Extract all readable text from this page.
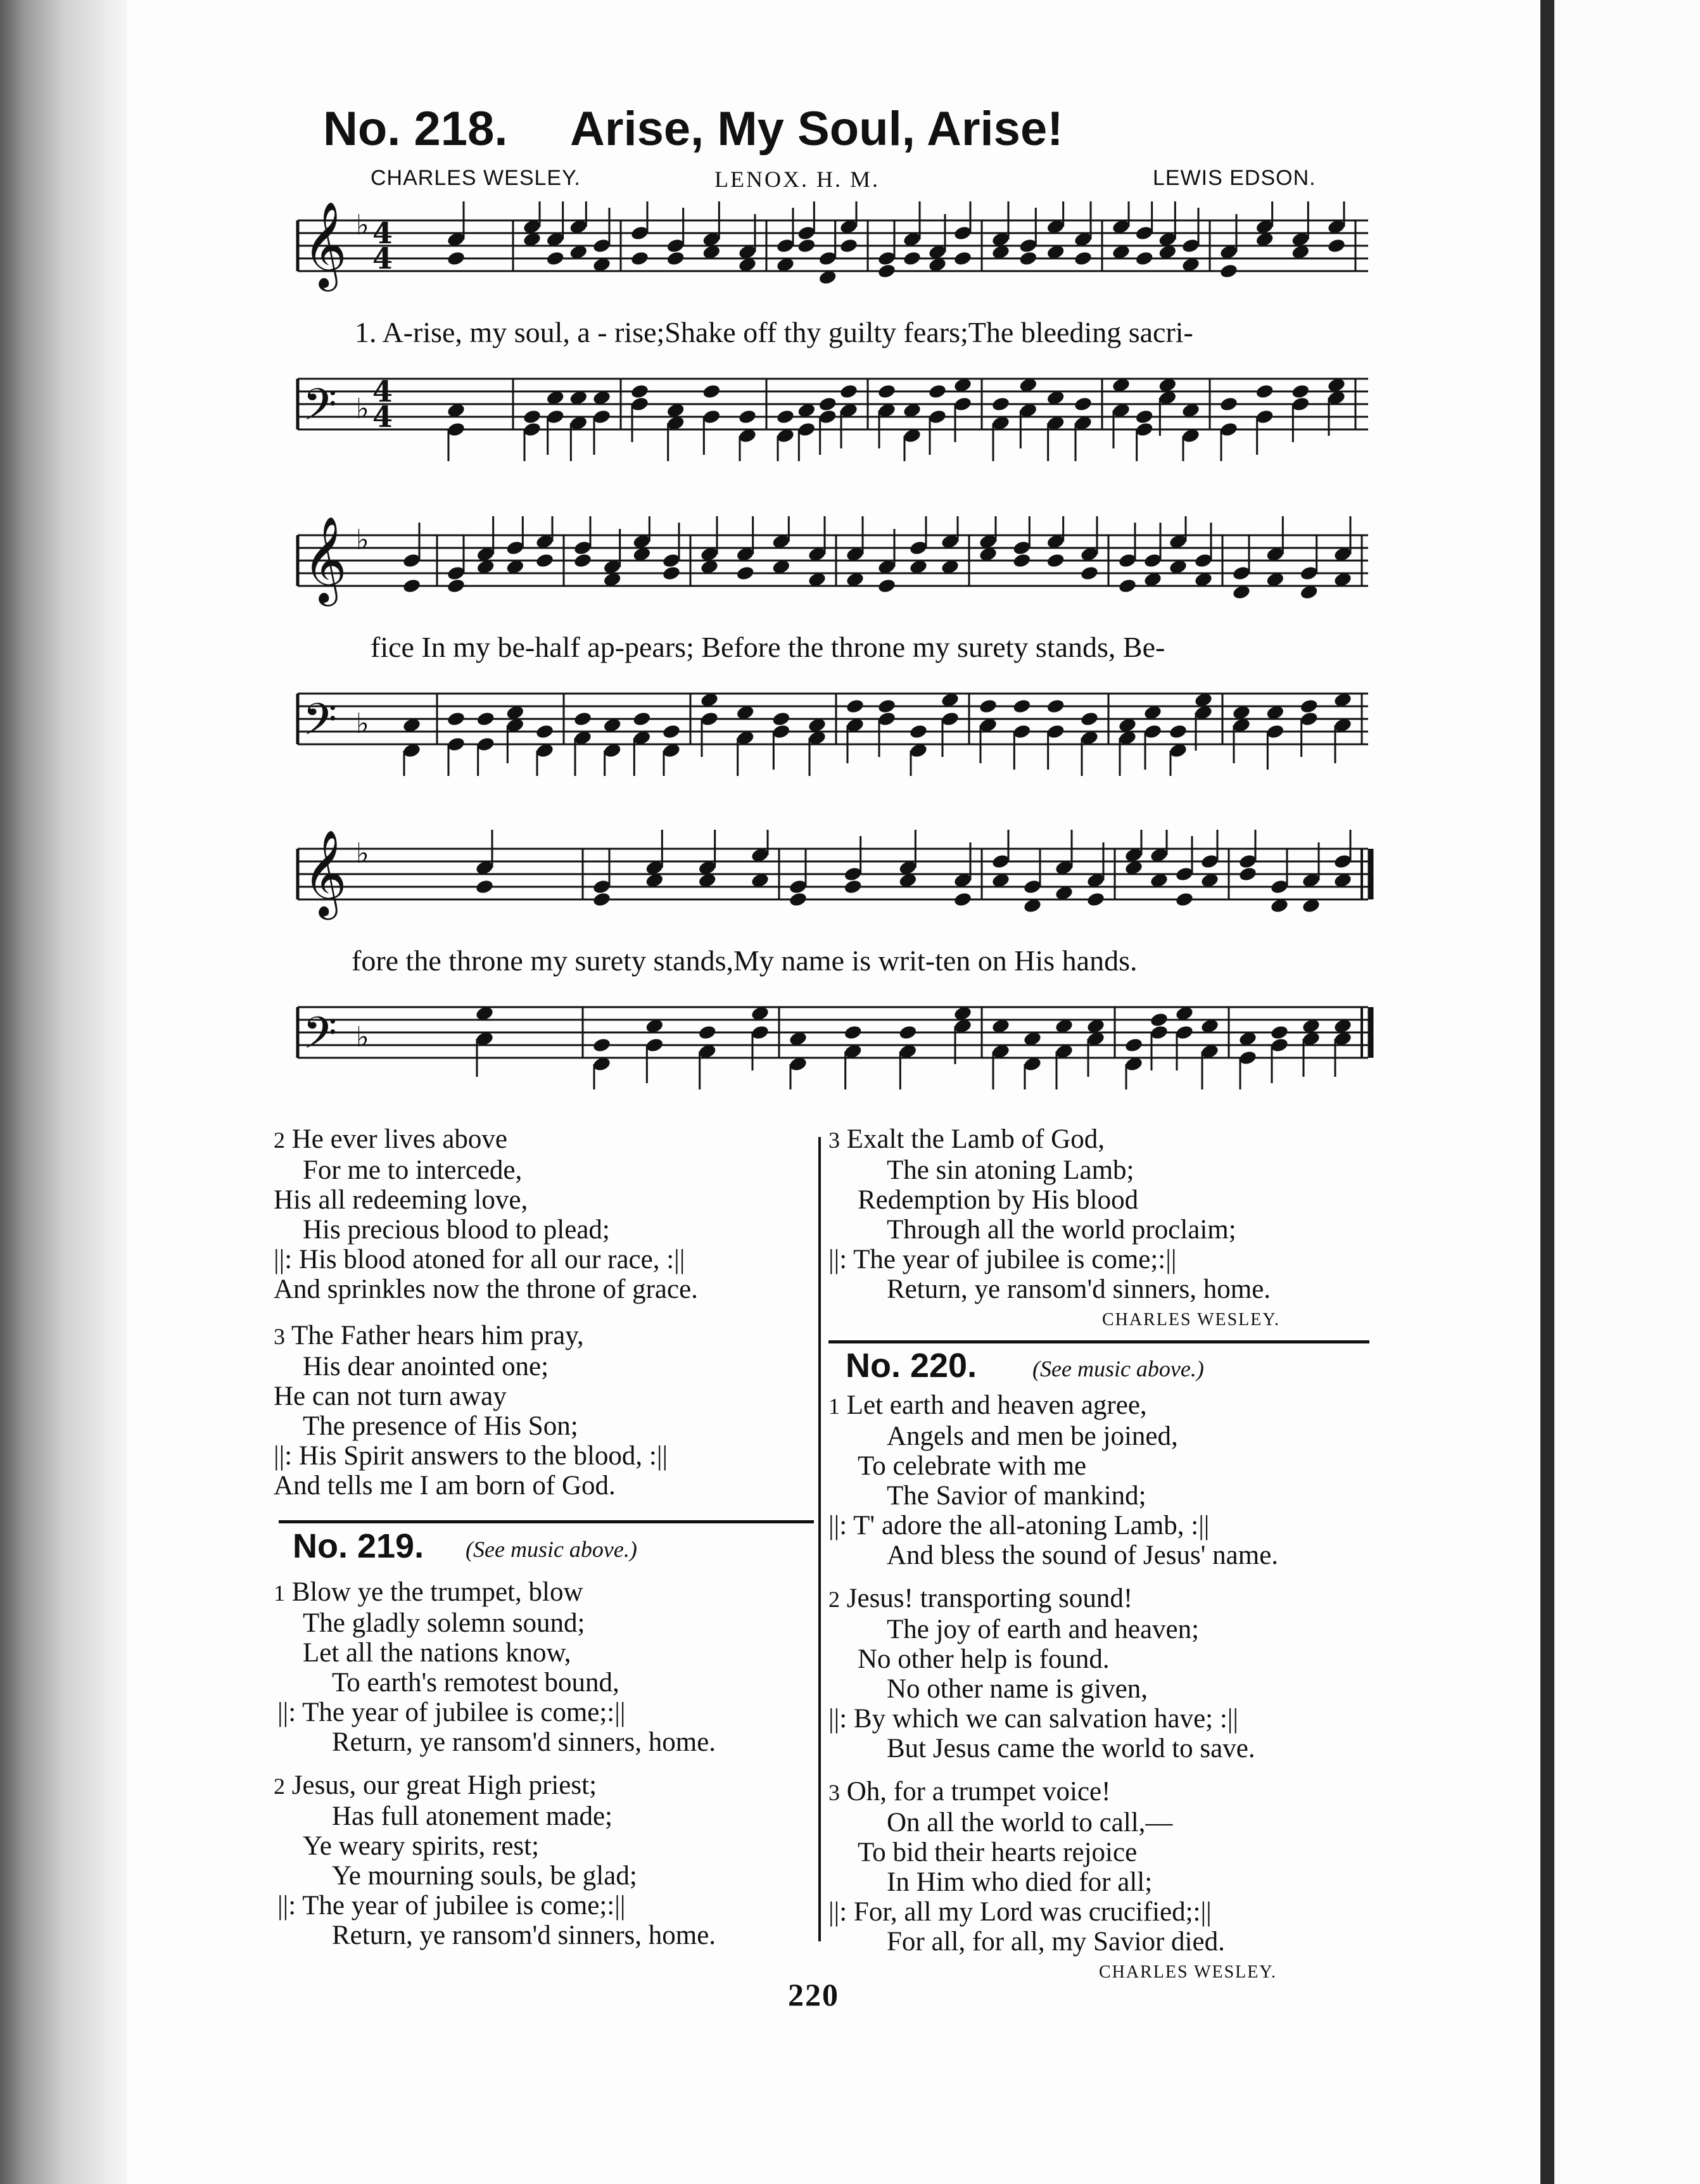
No. 218. Arise, My Soul, Arise!
CHARLES WESLEY.	LENOX. H. M.	LEWIS EDSON.
𝄞 ♭ 4
4
1. A-rise, my soul, a - rise;Shake off thy guilty fears;The bleeding sacri-
𝄢 ♭
4
4
𝄞 ♭
fice In my be-half ap-pears; Before the throne my surety stands, Be-
𝄢 ♭
𝄞 ♭
fore the throne my surety stands,My name is writ-ten on His hands.
𝄢 ♭
2 He ever lives above
For me to intercede,
His all redeeming love,
His precious blood to plead;
||: His blood atoned for all our race, :||
And sprinkles now the throne of grace.
3 The Father hears him pray,
His dear anointed one;
He can not turn away
The presence of His Son;
||: His Spirit answers to the blood, :||
And tells me I am born of God.
No. 219. (See music above.)
1 Blow ye the trumpet, blow
The gladly solemn sound;
Let all the nations know,
To earth's remotest bound,
||: The year of jubilee is come;:||
Return, ye ransom'd sinners, home.
2 Jesus, our great High priest;
Has full atonement made;
Ye weary spirits, rest;
Ye mourning souls, be glad;
||: The year of jubilee is come;:||
Return, ye ransom'd sinners, home.
3 Exalt the Lamb of God,
The sin atoning Lamb;
Redemption by His blood
Through all the world proclaim;
||: The year of jubilee is come;:||
Return, ye ransom'd sinners, home.
CHARLES WESLEY.
No. 220. (See music above.)
1 Let earth and heaven agree,
Angels and men be joined,
To celebrate with me
The Savior of mankind;
||: T' adore the all-atoning Lamb, :||
And bless the sound of Jesus' name.
2 Jesus! transporting sound!
The joy of earth and heaven;
No other help is found.
No other name is given,
||: By which we can salvation have; :||
But Jesus came the world to save.
3 Oh, for a trumpet voice!
On all the world to call,—
To bid their hearts rejoice
In Him who died for all;
||: For, all my Lord was crucified;:||
For all, for all, my Savior died.
CHARLES WESLEY.
220
